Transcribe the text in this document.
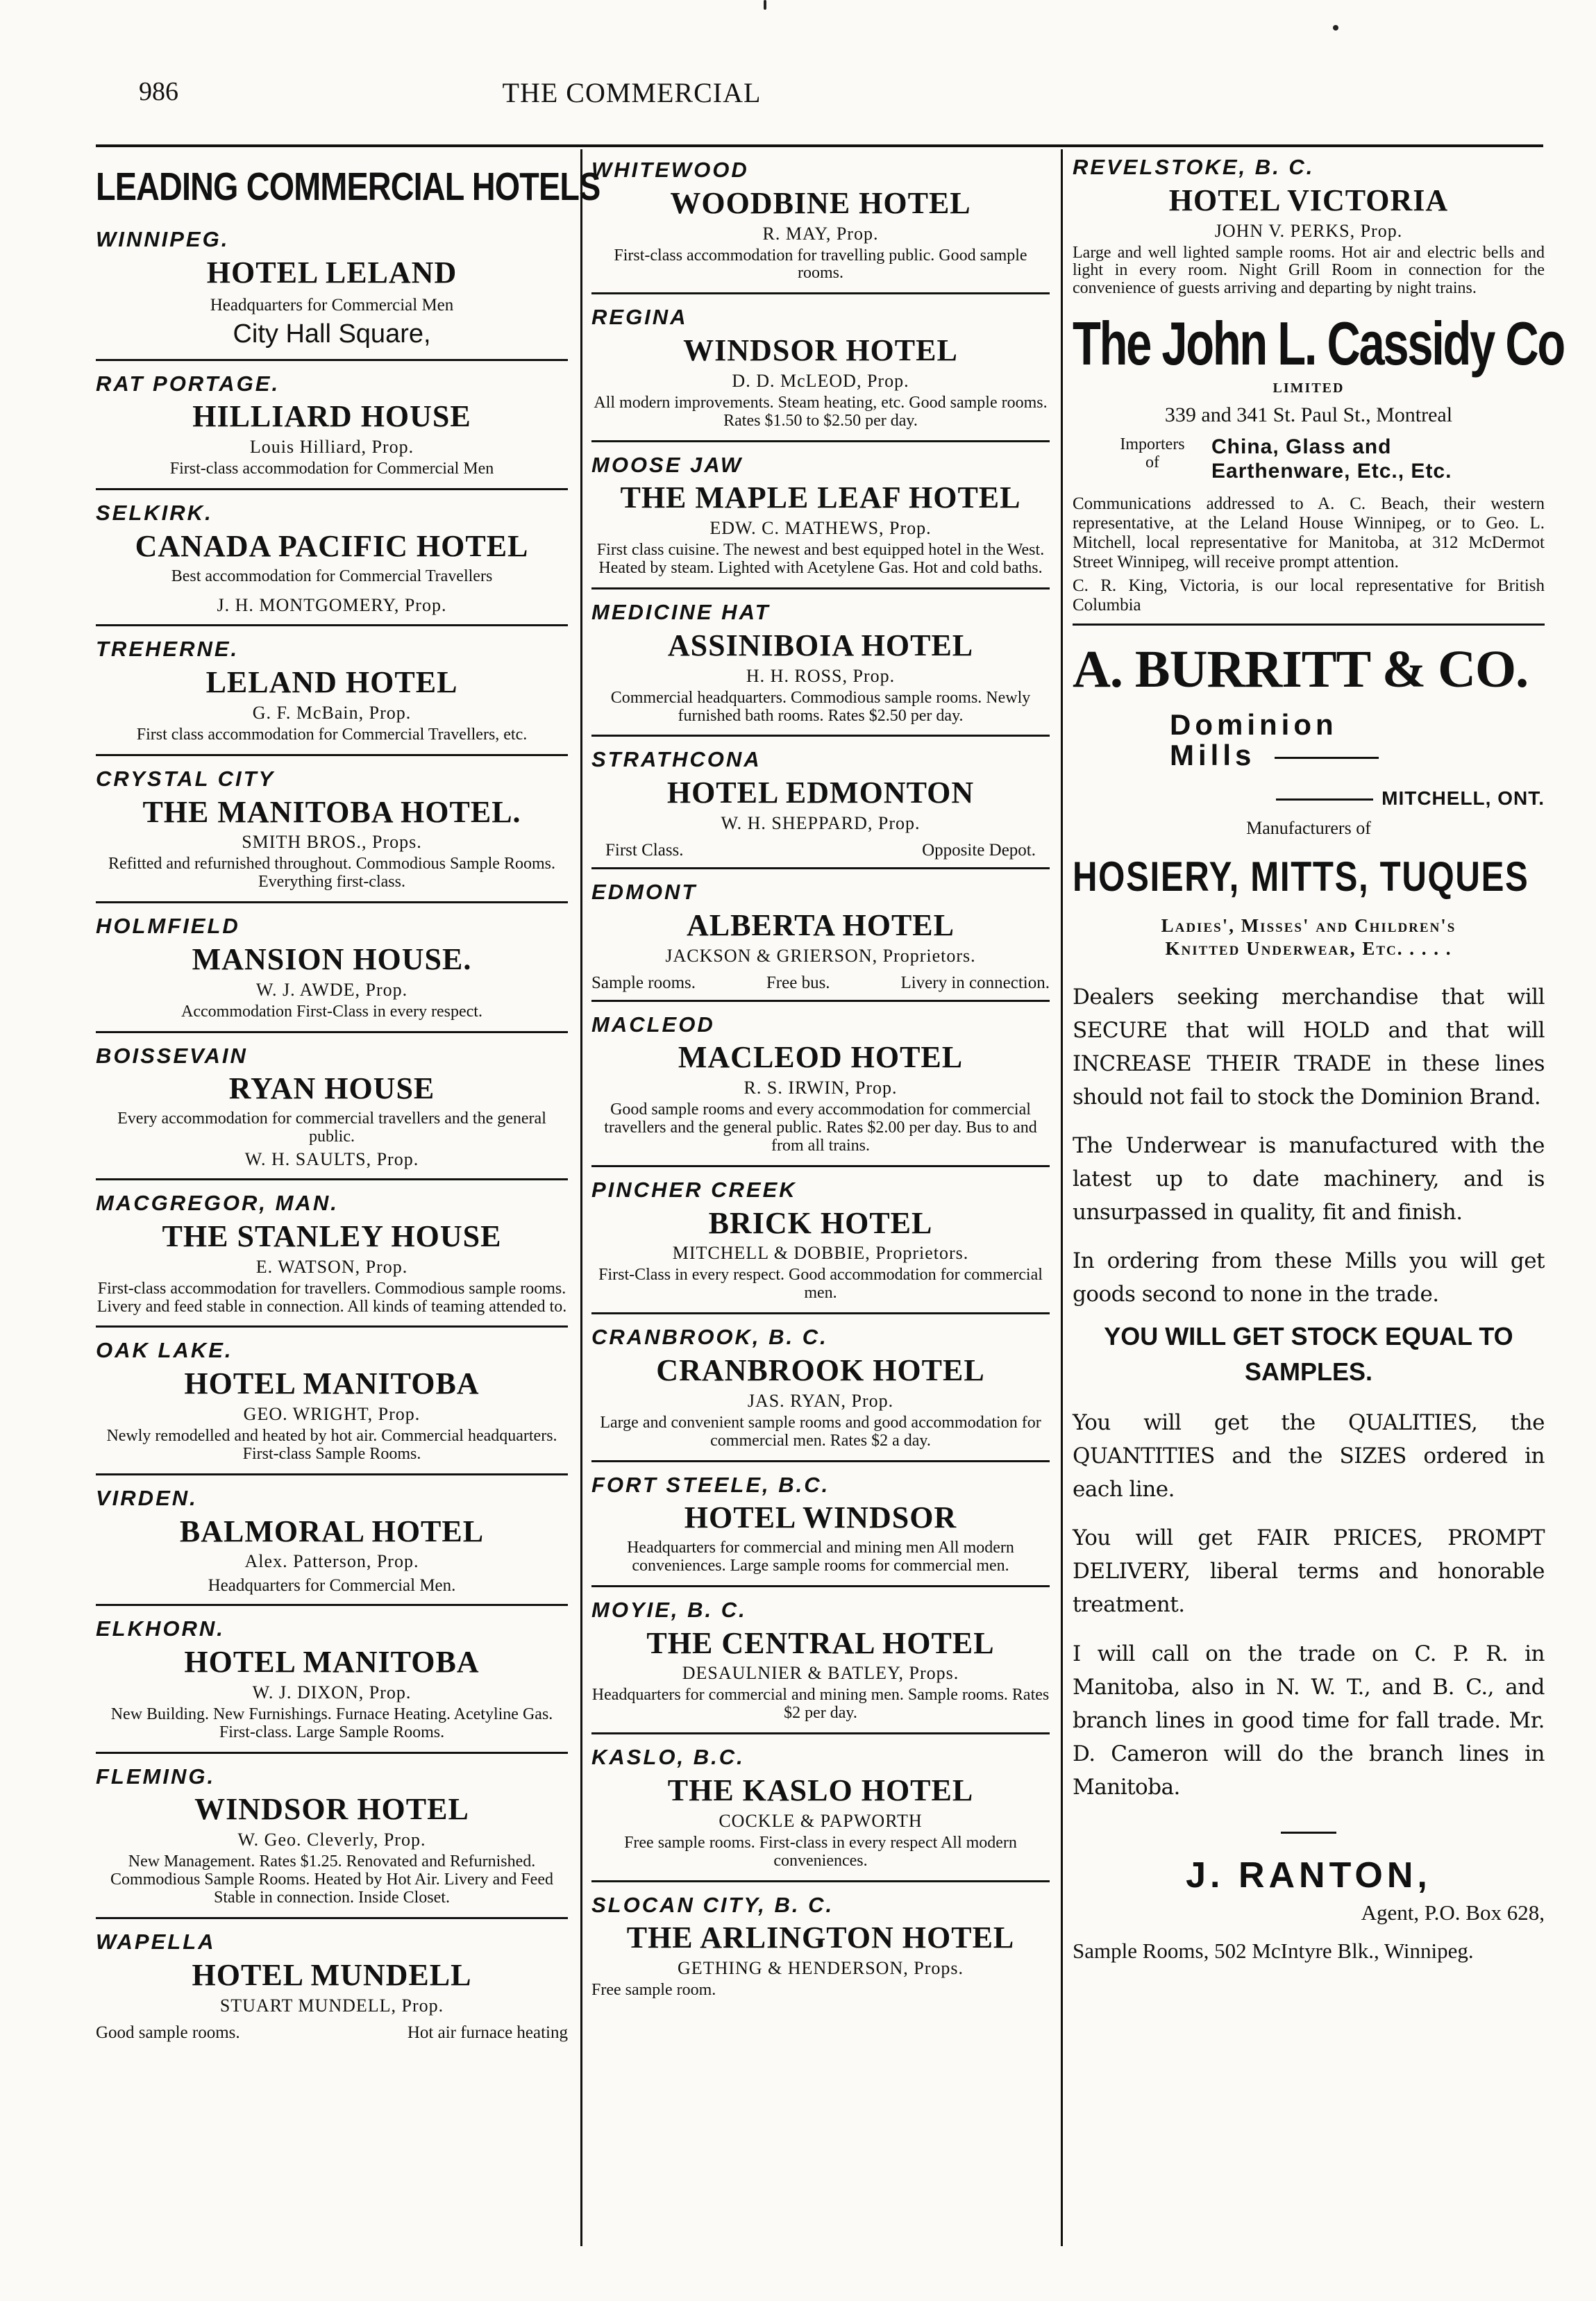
986	THE COMMERCIAL
LEADING COMMERCIAL HOTELS
WINNIPEG.
HOTEL LELAND
Headquarters for Commercial Men
City Hall Square,
RAT PORTAGE.
HILLIARD HOUSE
Louis Hilliard, Prop.
First-class accommodation for Commercial Men
SELKIRK.
CANADA PACIFIC HOTEL
Best accommodation for Commercial Travellers
J. H. MONTGOMERY, Prop.
TREHERNE.
LELAND HOTEL
G. F. McBain, Prop.
First class accommodation for Commercial Travellers, etc.
CRYSTAL CITY
THE MANITOBA HOTEL.
SMITH BROS., Props.
Refitted and refurnished throughout. Commodious Sample Rooms. Everything first-class.
HOLMFIELD
MANSION HOUSE.
W. J. AWDE, Prop.
Accommodation First-Class in every respect.
BOISSEVAIN
RYAN HOUSE
Every accommodation for commercial travellers and the general public.
W. H. SAULTS, Prop.
MACGREGOR, MAN.
THE STANLEY HOUSE
E. WATSON, Prop.
First-class accommodation for travellers. Commodious sample rooms. Livery and feed stable in connection. All kinds of teaming attended to.
OAK LAKE.
HOTEL MANITOBA
GEO. WRIGHT, Prop.
Newly remodelled and heated by hot air. Commercial headquarters. First-class Sample Rooms.
VIRDEN.
BALMORAL HOTEL
Alex. Patterson, Prop.
Headquarters for Commercial Men.
ELKHORN.
HOTEL MANITOBA
W. J. DIXON, Prop.
New Building. New Furnishings. Furnace Heating. Acetyline Gas. First-class. Large Sample Rooms.
FLEMING.
WINDSOR HOTEL
W. Geo. Cleverly, Prop.
New Management. Rates $1.25. Renovated and Refurnished. Commodious Sample Rooms. Heated by Hot Air. Livery and Feed Stable in connection. Inside Closet.
WAPELLA
HOTEL MUNDELL
STUART MUNDELL, Prop.
Good sample rooms.	Hot air furnace heating
WHITEWOOD
WOODBINE HOTEL
R. MAY, Prop.
First-class accommodation for travelling public. Good sample rooms.
REGINA
WINDSOR HOTEL
D. D. McLEOD, Prop.
All modern improvements. Steam heating, etc. Good sample rooms. Rates $1.50 to $2.50 per day.
MOOSE JAW
THE MAPLE LEAF HOTEL
EDW. C. MATHEWS, Prop.
First class cuisine. The newest and best equipped hotel in the West. Heated by steam. Lighted with Acetylene Gas. Hot and cold baths.
MEDICINE HAT
ASSINIBOIA HOTEL
H. H. ROSS, Prop.
Commercial headquarters. Commodious sample rooms. Newly furnished bath rooms. Rates $2.50 per day.
STRATHCONA
HOTEL EDMONTON
W. H. SHEPPARD, Prop.
First Class.	Opposite Depot.
EDMONT
ALBERTA HOTEL
JACKSON & GRIERSON, Proprietors.
Sample rooms.	Free bus.	Livery in connection.
MACLEOD
MACLEOD HOTEL
R. S. IRWIN, Prop.
Good sample rooms and every accommodation for commercial travellers and the general public. Rates $2.00 per day. Bus to and from all trains.
PINCHER CREEK
BRICK HOTEL
MITCHELL & DOBBIE, Proprietors.
First-Class in every respect. Good accommodation for commercial men.
CRANBROOK, B. C.
CRANBROOK HOTEL
JAS. RYAN, Prop.
Large and convenient sample rooms and good accommodation for commercial men. Rates $2 a day.
FORT STEELE, B.C.
HOTEL WINDSOR
Headquarters for commercial and mining men All modern conveniences. Large sample rooms for commercial men.
MOYIE, B. C.
THE CENTRAL HOTEL
DESAULNIER & BATLEY, Props.
Headquarters for commercial and mining men. Sample rooms. Rates $2 per day.
KASLO, B.C.
THE KASLO HOTEL
COCKLE & PAPWORTH
Free sample rooms. First-class in every respect All modern conveniences.
SLOCAN CITY, B. C.
THE ARLINGTON HOTEL
GETHING & HENDERSON, Props.
Free sample room.
REVELSTOKE, B. C.
HOTEL VICTORIA
JOHN V. PERKS, Prop.
Large and well lighted sample rooms. Hot air and electric bells and light in every room. Night Grill Room in connection for the convenience of guests arriving and departing by night trains.
The John L. Cassidy Co
LIMITED
339 and 341 St. Paul St., Montreal
Importers of
China, Glass and
Earthenware, Etc., Etc.

Communications addressed to A. C. Beach, their western representative, at the Leland House Winnipeg, or to Geo. L. Mitchell, local representative for Manitoba, at 312 McDermot Street Winnipeg, will receive prompt attention.

C. R. King, Victoria, is our local representative for British Columbia

A. BURRITT & CO.
Dominion
Mills
MITCHELL, ONT.
Manufacturers of
HOSIERY, MITTS, TUQUES
Ladies', Misses' and Children's
Knitted Underwear, Etc. . . . .

Dealers seeking merchandise that will SECURE that will HOLD and that will INCREASE THEIR TRADE in these lines should not fail to stock the Dominion Brand.

The Underwear is manufactured with the latest up to date machinery, and is unsurpassed in quality, fit and finish.

In ordering from these Mills you will get goods second to none in the trade.

YOU WILL GET STOCK EQUAL TO SAMPLES.

You will get the QUALITIES, the QUANTITIES and the SIZES ordered in each line.

You will get FAIR PRICES, PROMPT DELIVERY, liberal terms and honorable treatment.

I will call on the trade on C. P. R. in Manitoba, also in N. W. T., and B. C., and branch lines in good time for fall trade. Mr. D. Cameron will do the branch lines in Manitoba.

J. RANTON,
Agent, P.O. Box 628,
Sample Rooms, 502 McIntyre Blk., Winnipeg.
